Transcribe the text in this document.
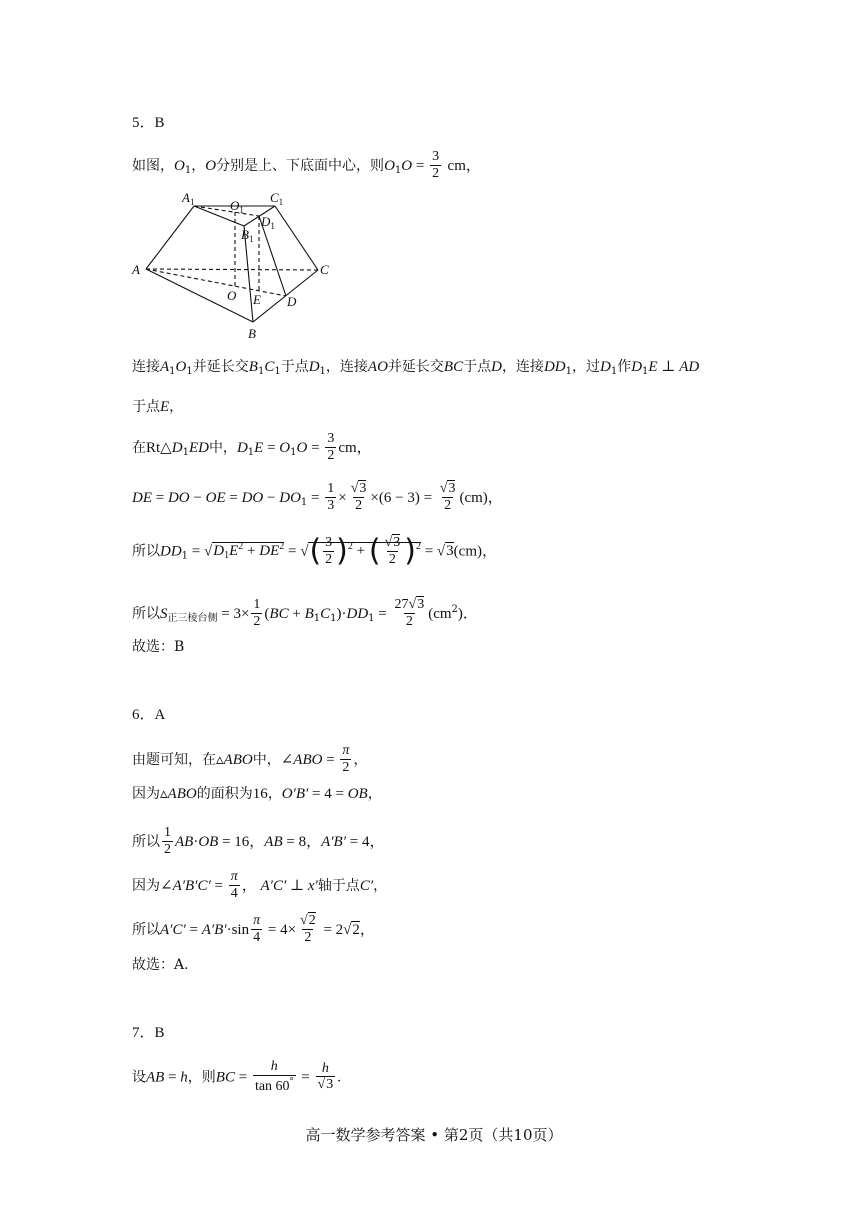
5．B
如图，$O_1$，O分别是上、下底面中心，则$O_1O = \frac{3}{2}$ cm，
$A_1$	$O_1$
$C_1$
$D_1$
$B_1$
A	C
O E D
B
连接$A_1O_1$并延长交$B_1C_1$于点$D_1$，连接AO并延长交BC于点D，连接$DD_1$，过$D_1$作$D_1E$ ⊥ AD
于点E，
在$Rt\triangle D_1ED$中，$D_1E = O_1O = \frac{3}{2}$ cm，
DE = DO − OE = DO − $DO_1 = \frac{1}{3} \times \frac{√3}{2} \times(6 - 3) = \frac{√3}{2} (cm)$，
所以$DD_1 = √D_1E^2 + DE^2$ = √( $\frac{3}{2} )^2$ + ( $\frac{√3}{2} )^2 = √3(cm)$，
所以$S_{正三棱台侧} = 3\times \frac{1}{2} (BC + B_1C_1)\cdot DD_1 = \frac{27√3}{2} (cm^2)$．
故选：B
6．A
由题可知，在▵ABO中，∠ABO = $\frac{\pi}{2}$ ，
因为▵ABO的面积为16，O′B′ = 4 = OB，
所以 $\frac{1}{2} AB\cdot OB = 16$，AB = 8，A′B′ = 4，
因为∠A′B′C′ = $\frac{\pi}{4}$ ， A′C′ ⊥ x′轴于点C′，
所以$A'C' = A'B'\cdot\sin \frac{\pi}{4} = 4\times \frac{√2}{2} = 2√2$，
故选：A.
7．B
设AB = h，则BC = $\frac{h}{\tan 60^\circ} = \frac{h}{√3}$ .
高一数学参考答案 • 第2页（共10页）
